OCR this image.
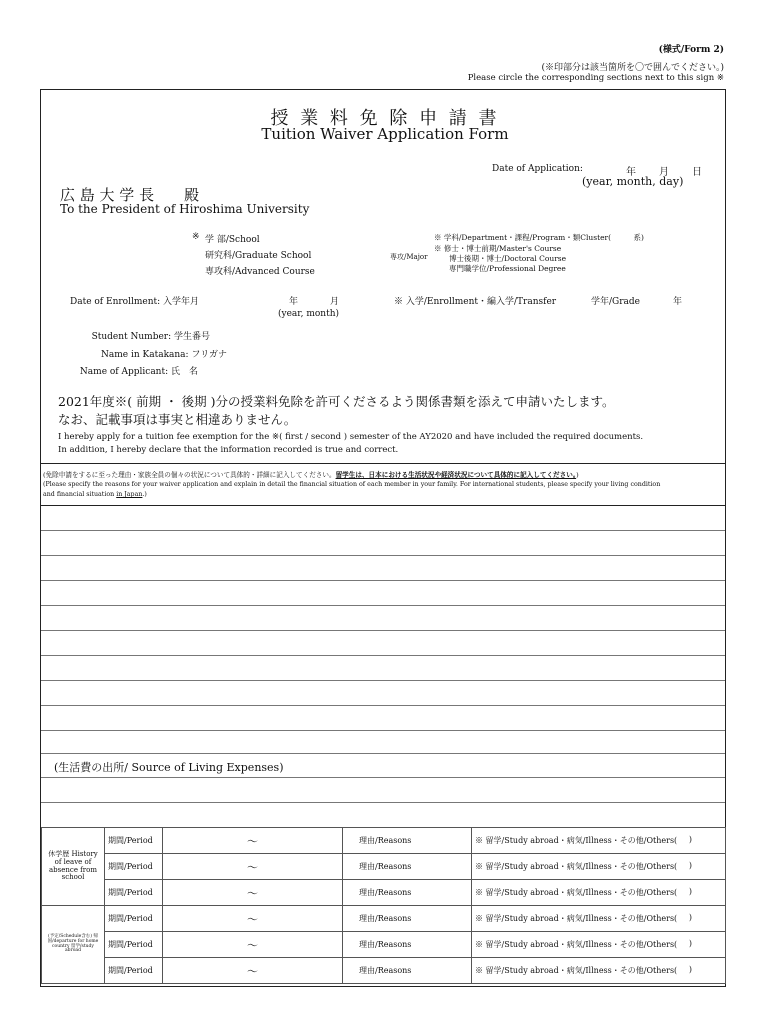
(様式/Form 2)
(※印部分は該当箇所を〇で囲んでください。)
Please circle the corresponding sections next to this sign ※
授 業 料 免 除 申 請 書
Tuition Waiver Application Form
Date of Application:	年 月 日
(year, month, day)
広 島 大 学 長　　殿
To the President of Hiroshima University
※ 学 部/School
研究科/Graduate School
専攻科/Advanced Course
専攻/Major
※ 学科/Department・課程/Program・類Cluster(　　　系)
※ 修士・博士前期/Master's Course
博士後期・博士/Doctoral Course
専門職学位/Professional Degree
Date of Enrollment: 入学年月	年	月
(year, month)
※ 入学/Enrollment・編入学/Transfer	学年/Grade	年
Student Number: 学生番号
Name in Katakana: フリガナ
Name of Applicant: 氏　名
2021年度※( 前期 ・ 後期 )分の授業料免除を許可くださるよう関係書類を添えて申請いたします。
なお、記載事項は事実と相違ありません。
I hereby apply for a tuition fee exemption for the ※( first / second ) semester of the AY2020 and have included the required documents.
In addition, I hereby declare that the information recorded is true and correct.
(免除申請をするに至った理由・家族全員の個々の状況について具体的・詳細に記入してください。留学生は、日本における生活状況や経済状況について具体的に記入してください。)
(Please specify the reasons for your waiver application and explain in detail the financial situation of each member in your family. For international students, please specify your living condition
and financial situation in Japan.)
(生活費の出所/ Source of Living Expenses)
休学歴 History of leave of absence from school	期間/Period	〜	理由/Reasons	※ 留学/Study abroad・病気/Illness・その他/Others( )

	期間/Period	〜	理由/Reasons	※ 留学/Study abroad・病気/Illness・その他/Others( )

	期間/Period	〜	理由/Reasons	※ 留学/Study abroad・病気/Illness・その他/Others( )
(予定/Schedule含む) 帰国/departure for home country 留学/study abroad	期間/Period	〜	理由/Reasons	※ 留学/Study abroad・病気/Illness・その他/Others( )

	期間/Period	〜	理由/Reasons	※ 留学/Study abroad・病気/Illness・その他/Others( )

	期間/Period	〜	理由/Reasons	※ 留学/Study abroad・病気/Illness・その他/Others( )
